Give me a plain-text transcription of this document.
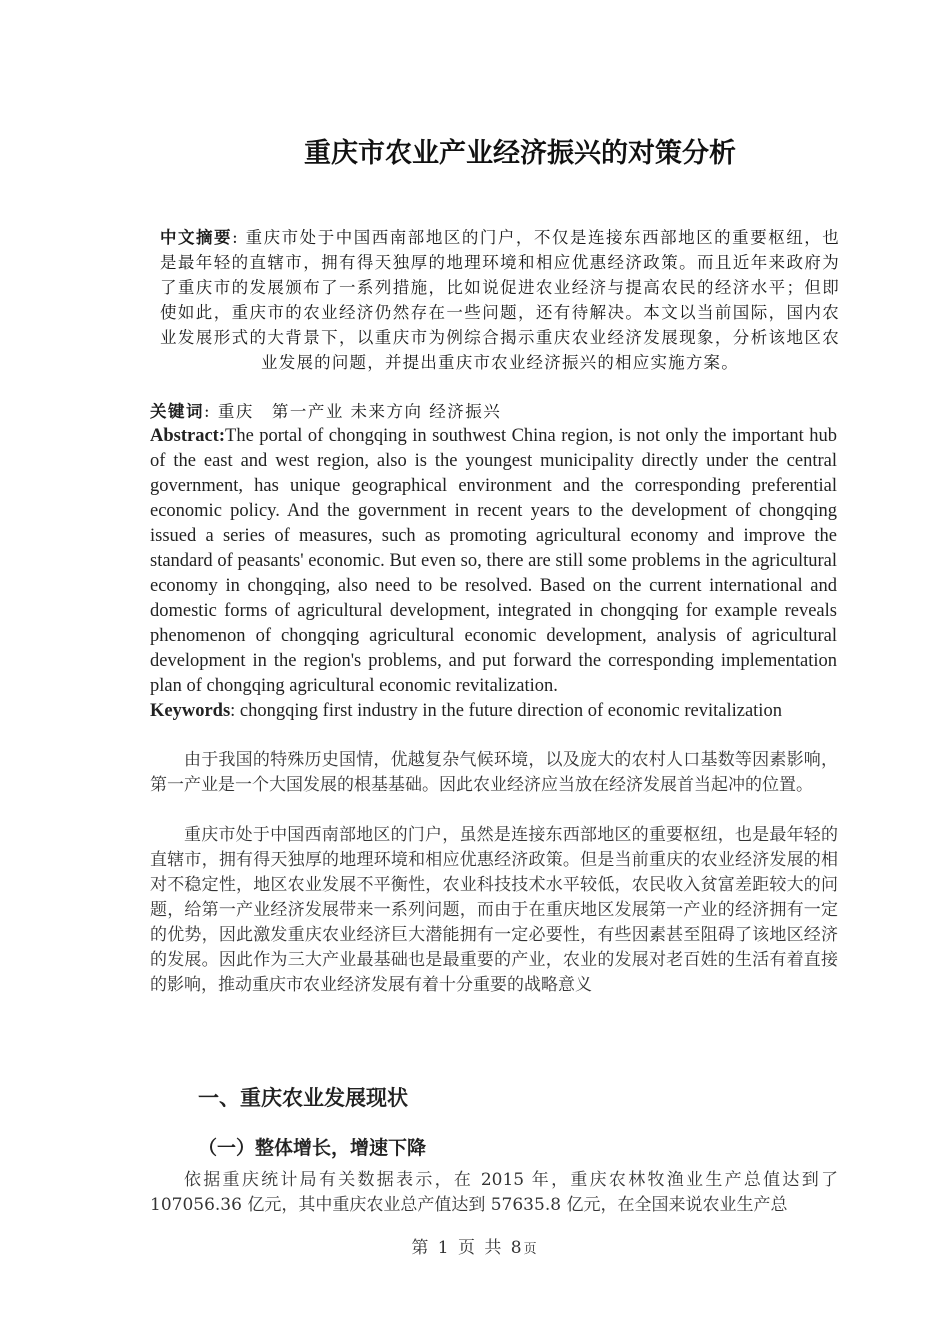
重庆市农业产业经济振兴的对策分析
中文摘要: 重庆市处于中国西南部地区的门户，不仅是连接东西部地区的重要枢纽，也是最年轻的直辖市，拥有得天独厚的地理环境和相应优惠经济政策。而且近年来政府为了重庆市的发展颁布了一系列措施，比如说促进农业经济与提高农民的经济水平；但即使如此，重庆市的农业经济仍然存在一些问题，还有待解决。本文以当前国际，国内农业发展形式的大背景下，以重庆市为例综合揭示重庆农业经济发展现象，分析该地区农业发展的问题，并提出重庆市农业经济振兴的相应实施方案。
关键词: 重庆　第一产业 未来方向 经济振兴
Abstract:The portal of chongqing in southwest China region, is not only the important hub of the east and west region, also is the youngest municipality directly under the central government, has unique geographical environment and the corresponding preferential economic policy. And the government in recent years to the development of chongqing issued a series of measures, such as promoting agricultural economy and improve the standard of peasants' economic. But even so, there are still some problems in the agricultural economy in chongqing, also need to be resolved. Based on the current international and domestic forms of agricultural development, integrated in chongqing for example reveals phenomenon of chongqing agricultural economic development, analysis of agricultural development in the region's problems, and put forward the corresponding implementation plan of chongqing agricultural economic revitalization.
Keywords: chongqing first industry in the future direction of economic revitalization

由于我国的特殊历史国情，优越复杂气候环境，以及庞大的农村人口基数等因素影响，第一产业是一个大国发展的根基基础。因此农业经济应当放在经济发展首当起冲的位置。

重庆市处于中国西南部地区的门户，虽然是连接东西部地区的重要枢纽，也是最年轻的直辖市，拥有得天独厚的地理环境和相应优惠经济政策。但是当前重庆的农业经济发展的相对不稳定性，地区农业发展不平衡性，农业科技技术水平较低，农民收入贫富差距较大的问题，给第一产业经济发展带来一系列问题，而由于在重庆地区发展第一产业的经济拥有一定的优势，因此激发重庆农业经济巨大潜能拥有一定必要性，有些因素甚至阻碍了该地区经济的发展。因此作为三大产业最基础也是最重要的产业，农业的发展对老百姓的生活有着直接的影响，推动重庆市农业经济发展有着十分重要的战略意义

一、重庆农业发展现状
（一）整体增长，增速下降

依据重庆统计局有关数据表示，在 2015 年，重庆农林牧渔业生产总值达到了 107056.36 亿元，其中重庆农业总产值达到 57635.8 亿元，在全国来说农业生产总

第 1 页 共 8页
